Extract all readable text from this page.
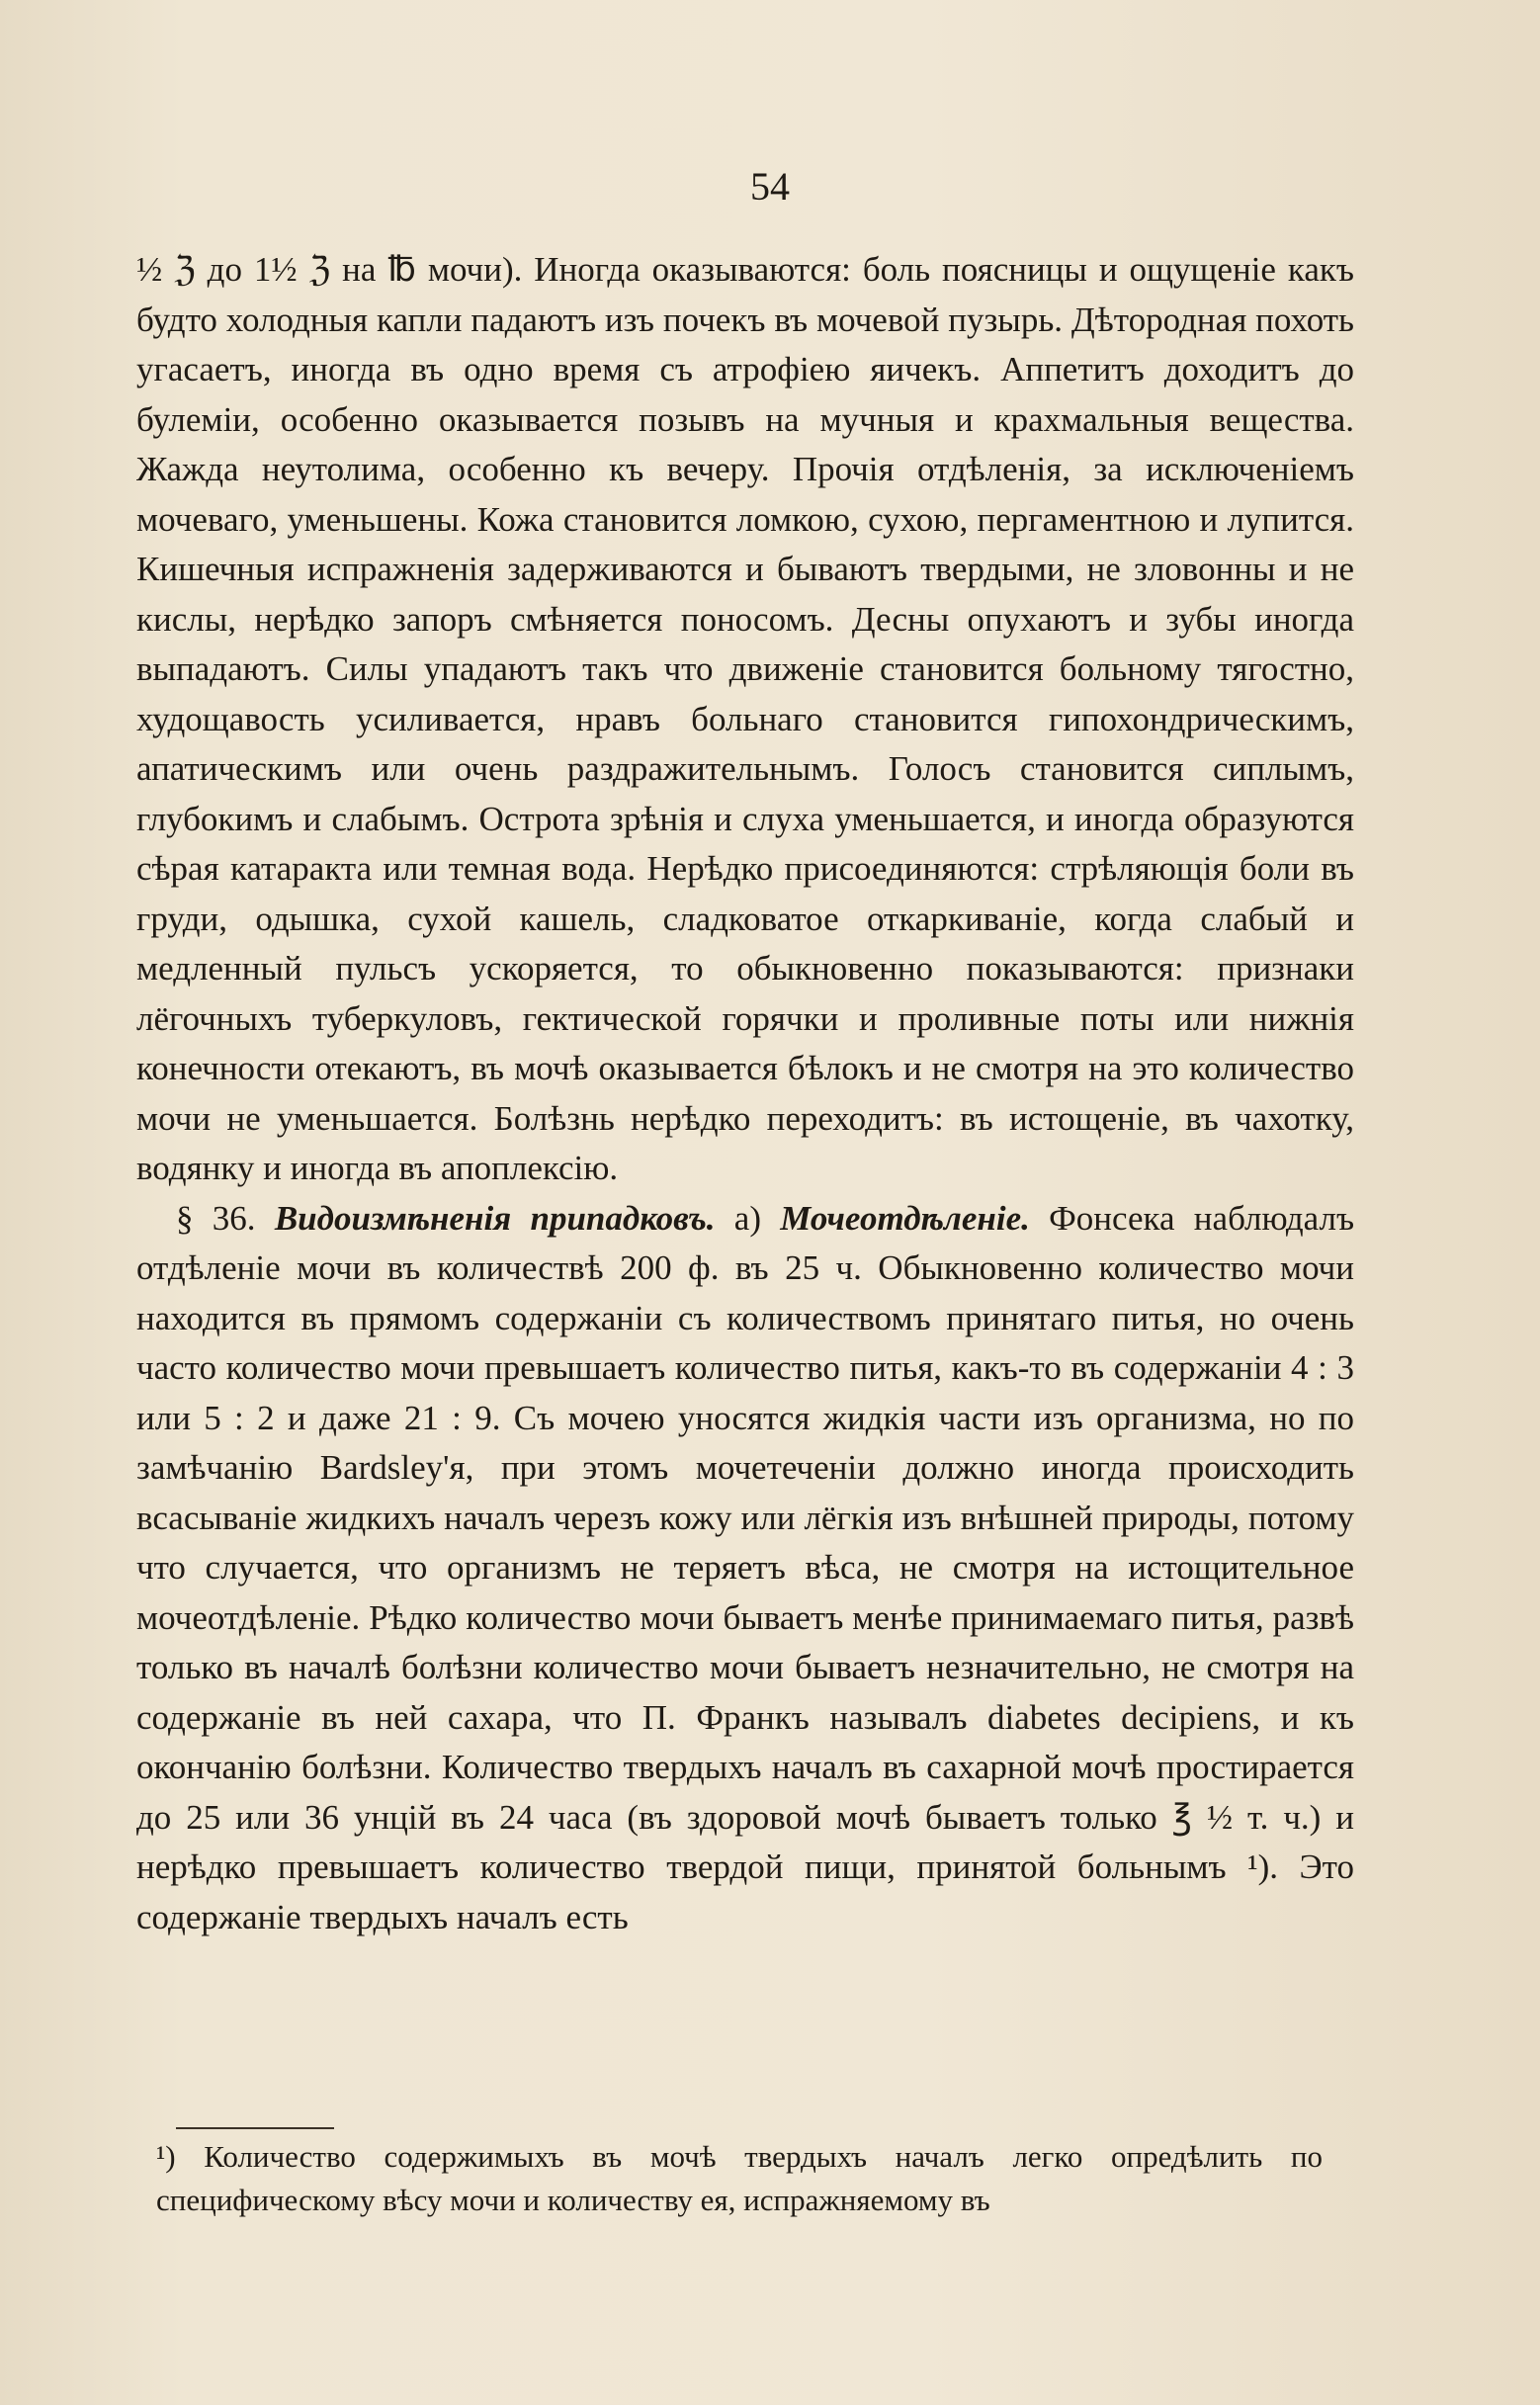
54

½ ℨ до 1½ ℨ на ℔ мочи). Иногда оказываются: боль поясницы и ощущеніе какъ будто холодныя капли падаютъ изъ почекъ въ мочевой пузырь. Дѣтородная похоть угасаетъ, иногда въ одно время съ атрофіею яичекъ. Аппетитъ доходитъ до булеміи, особенно оказывается позывъ на мучныя и крахмальныя вещества. Жажда неутолима, особенно къ вечеру. Прочія отдѣленія, за исключеніемъ мочеваго, уменьшены. Кожа становится ломкою, сухою, пергаментною и лупится. Кишечныя испражненія задерживаются и бываютъ твердыми, не зловонны и не кислы, нерѣдко запоръ смѣняется поносомъ. Десны опухаютъ и зубы иногда выпадаютъ. Силы упадаютъ такъ что движеніе становится больному тягостно, худощавость усиливается, нравъ больнаго становится гипохондрическимъ, апатическимъ или очень раздражительнымъ. Голосъ становится сиплымъ, глубокимъ и слабымъ. Острота зрѣнія и слуха уменьшается, и иногда образуются сѣрая катаракта или темная вода. Нерѣдко присоединяются: стрѣляющія боли въ груди, одышка, сухой кашель, сладковатое откаркиваніе, когда слабый и медленный пульсъ ускоряется, то обыкновенно показываются: признаки лёгочныхъ туберкуловъ, гектической горячки и проливные поты или нижнія конечности отекаютъ, въ мочѣ оказывается бѣлокъ и не смотря на это количество мочи не уменьшается. Болѣзнь нерѣдко переходитъ: въ истощеніе, въ чахотку, водянку и иногда въ апоплексію.

§ 36. Видоизмѣненія припадковъ. а) Мочеотдѣленіе. Фонсека наблюдалъ отдѣленіе мочи въ количествѣ 200 ф. въ 25 ч. Обыкновенно количество мочи находится въ прямомъ содержаніи съ количествомъ принятаго питья, но очень часто количество мочи превышаетъ количество питья, какъ-то въ содержаніи 4 : 3 или 5 : 2 и даже 21 : 9. Съ мочею уносятся жидкія части изъ организма, но по замѣчанію Bardsley'я, при этомъ мочетеченіи должно иногда происходить всасываніе жидкихъ началъ черезъ кожу или лёгкія изъ внѣшней природы, потому что случается, что организмъ не теряетъ вѣса, не смотря на истощительное мочеотдѣленіе. Рѣдко количество мочи бываетъ менѣе принимаемаго питья, развѣ только въ началѣ болѣзни количество мочи бываетъ незначительно, не смотря на содержаніе въ ней сахара, что П. Франкъ называлъ diabetes decipiens, и къ окончанію болѣзни. Количество твердыхъ началъ въ сахарной мочѣ простирается до 25 или 36 унцій въ 24 часа (въ здоровой мочѣ бываетъ только ℥ ½ т. ч.) и нерѣдко превышаетъ количество твердой пищи, принятой больнымъ ¹). Это содержаніе твердыхъ началъ есть

¹) Количество содержимыхъ въ мочѣ твердыхъ началъ легко опредѣлить по специфическому вѣсу мочи и количеству ея, испражняемому въ
